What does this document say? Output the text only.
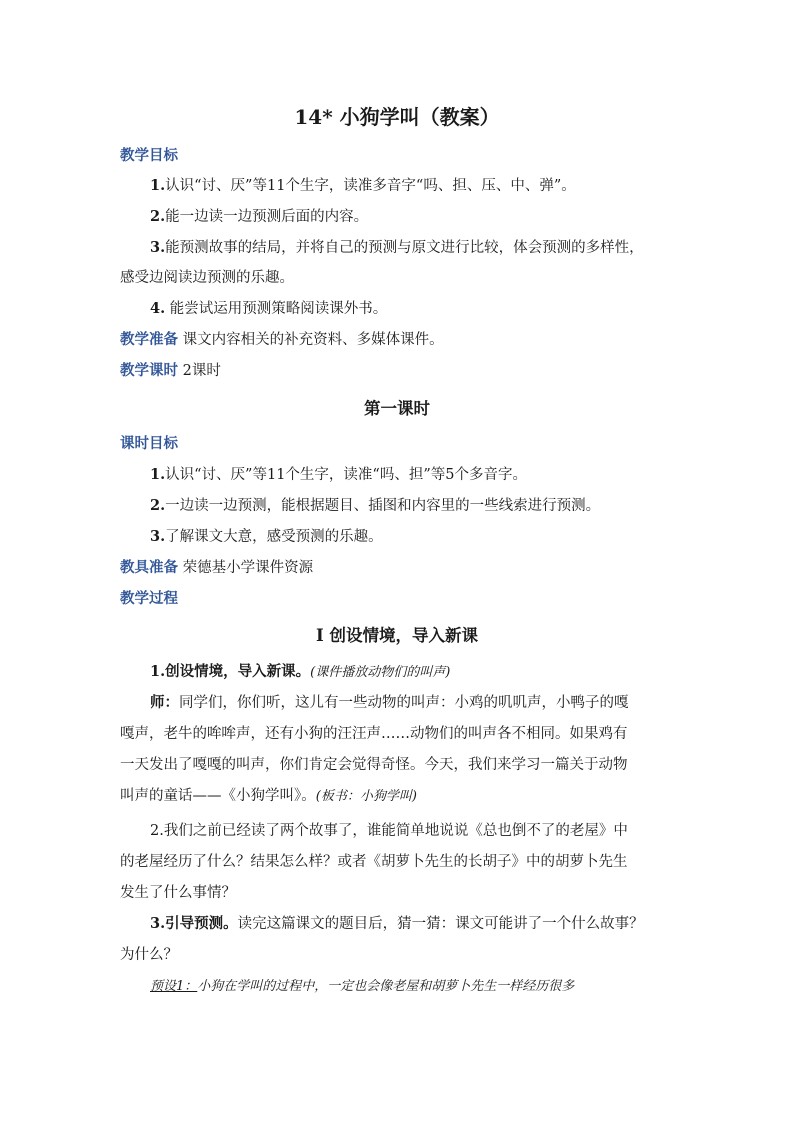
14* 小狗学叫（教案）
教学目标
1.认识“讨、厌”等11个生字，读准多音字“吗、担、压、中、弹”。
2.能一边读一边预测后面的内容。
3.能预测故事的结局，并将自己的预测与原文进行比较，体会预测的多样性，
感受边阅读边预测的乐趣。
4. 能尝试运用预测策略阅读课外书。
教学准备 课文内容相关的补充资料、多媒体课件。
教学课时 2课时
第一课时
课时目标
1.认识“讨、厌”等11个生字，读准“吗、担”等5个多音字。
2.一边读一边预测，能根据题目、插图和内容里的一些线索进行预测。
3.了解课文大意，感受预测的乐趣。
教具准备 荣德基小学课件资源
教学过程
Ⅰ 创设情境，导入新课
1.创设情境，导入新课。(课件播放动物们的叫声)
师：同学们，你们听，这儿有一些动物的叫声：小鸡的叽叽声，小鸭子的嘎
嘎声，老牛的哞哞声，还有小狗的汪汪声……动物们的叫声各不相同。如果鸡有
一天发出了嘎嘎的叫声，你们肯定会觉得奇怪。今天，我们来学习一篇关于动物
叫声的童话——《小狗学叫》。(板书：小狗学叫)
2.我们之前已经读了两个故事了，谁能简单地说说《总也倒不了的老屋》中
的老屋经历了什么？结果怎么样？或者《胡萝卜先生的长胡子》中的胡萝卜先生
发生了什么事情？
3.引导预测。读完这篇课文的题目后，猜一猜：课文可能讲了一个什么故事？
为什么？
预设1：小狗在学叫的过程中，一定也会像老屋和胡萝卜先生一样经历很多
